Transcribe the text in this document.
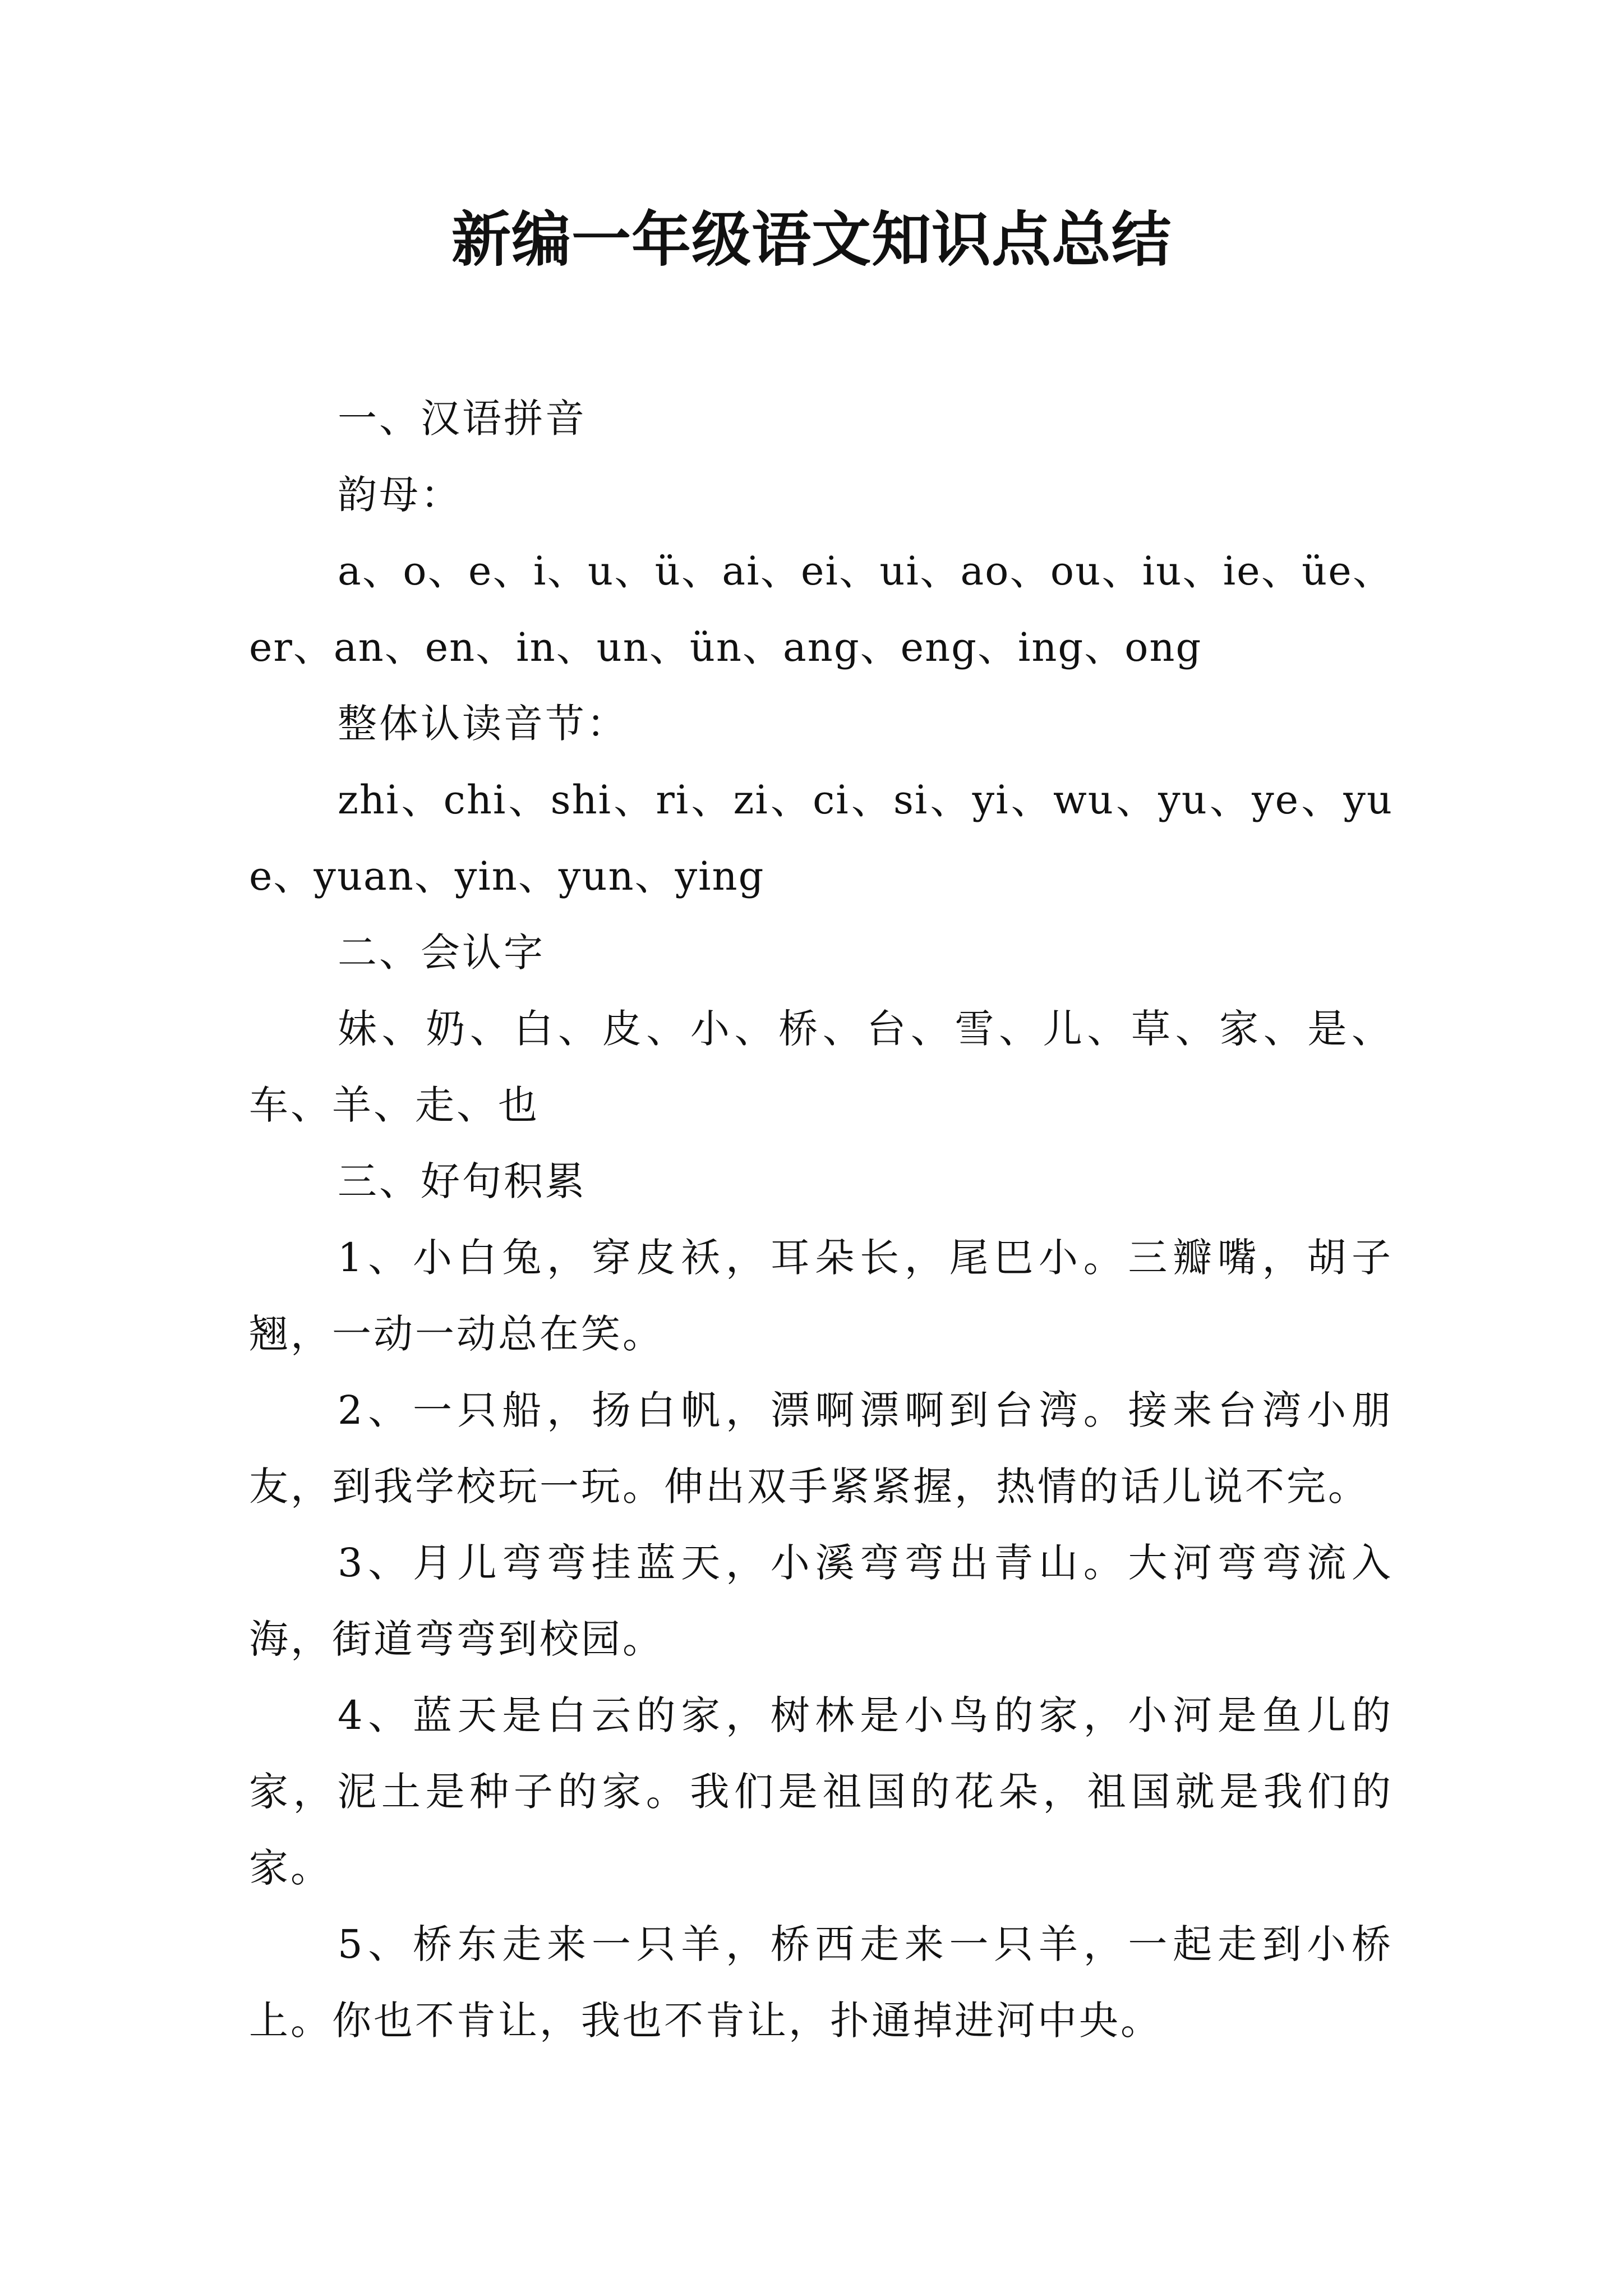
新编一年级语文知识点总结

一、汉语拼音

韵母：

a、o、e、i、u、ü、ai、ei、ui、ao、ou、iu、ie、üe、er、an、en、in、un、ün、ang、eng、ing、ong

整体认读音节：

zhi、chi、shi、ri、zi、ci、si、yi、wu、yu、ye、yue、yuan、yin、yun、ying

二、会认字

妹、奶、白、皮、小、桥、台、雪、儿、草、家、是、车、羊、走、也

三、好句积累

1、小白兔，穿皮袄，耳朵长，尾巴小。三瓣嘴，胡子翘，一动一动总在笑。

2、一只船，扬白帆，漂啊漂啊到台湾。接来台湾小朋友，到我学校玩一玩。伸出双手紧紧握，热情的话儿说不完。

3、月儿弯弯挂蓝天，小溪弯弯出青山。大河弯弯流入海，街道弯弯到校园。

4、蓝天是白云的家，树林是小鸟的家，小河是鱼儿的家，泥土是种子的家。我们是祖国的花朵，祖国就是我们的家。

5、桥东走来一只羊，桥西走来一只羊，一起走到小桥上。你也不肯让，我也不肯让，扑通掉进河中央。
